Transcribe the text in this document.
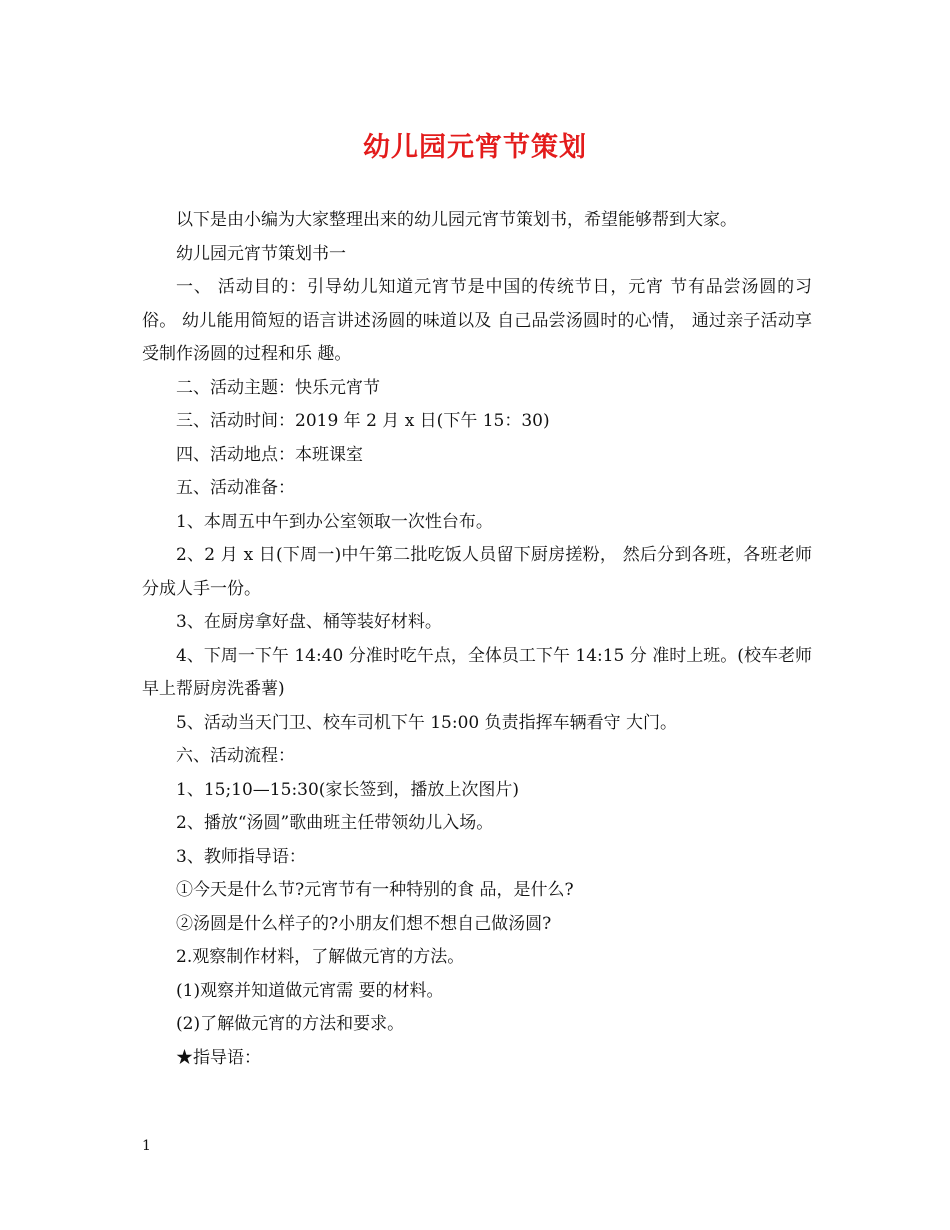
幼儿园元宵节策划

以下是由小编为大家整理出来的幼儿园元宵节策划书，希望能够帮到大家。

幼儿园元宵节策划书一

一、 活动目的：引导幼儿知道元宵节是中国的传统节日，元宵 节有品尝汤圆的习俗。 幼儿能用简短的语言讲述汤圆的味道以及 自己品尝汤圆时的心情， 通过亲子活动享受制作汤圆的过程和乐 趣。

二、活动主题：快乐元宵节

三、活动时间：2019 年 2 月 x 日(下午 15：30)

四、活动地点：本班课室

五、活动准备：

1、本周五中午到办公室领取一次性台布。

2、2 月 x 日(下周一)中午第二批吃饭人员留下厨房搓粉， 然后分到各班，各班老师分成人手一份。

3、在厨房拿好盘、桶等装好材料。

4、下周一下午 14:40 分准时吃午点，全体员工下午 14:15 分 准时上班。(校车老师早上帮厨房洗番薯)

5、活动当天门卫、校车司机下午 15:00 负责指挥车辆看守 大门。

六、活动流程：

1、15;10—15:30(家长签到，播放上次图片)

2、播放“汤圆”歌曲班主任带领幼儿入场。

3、教师指导语：

①今天是什么节?元宵节有一种特别的食 品，是什么?

②汤圆是什么样子的?小朋友们想不想自己做汤圆?

2.观察制作材料，了解做元宵的方法。

(1)观察并知道做元宵需 要的材料。

(2)了解做元宵的方法和要求。

★指导语：

1
